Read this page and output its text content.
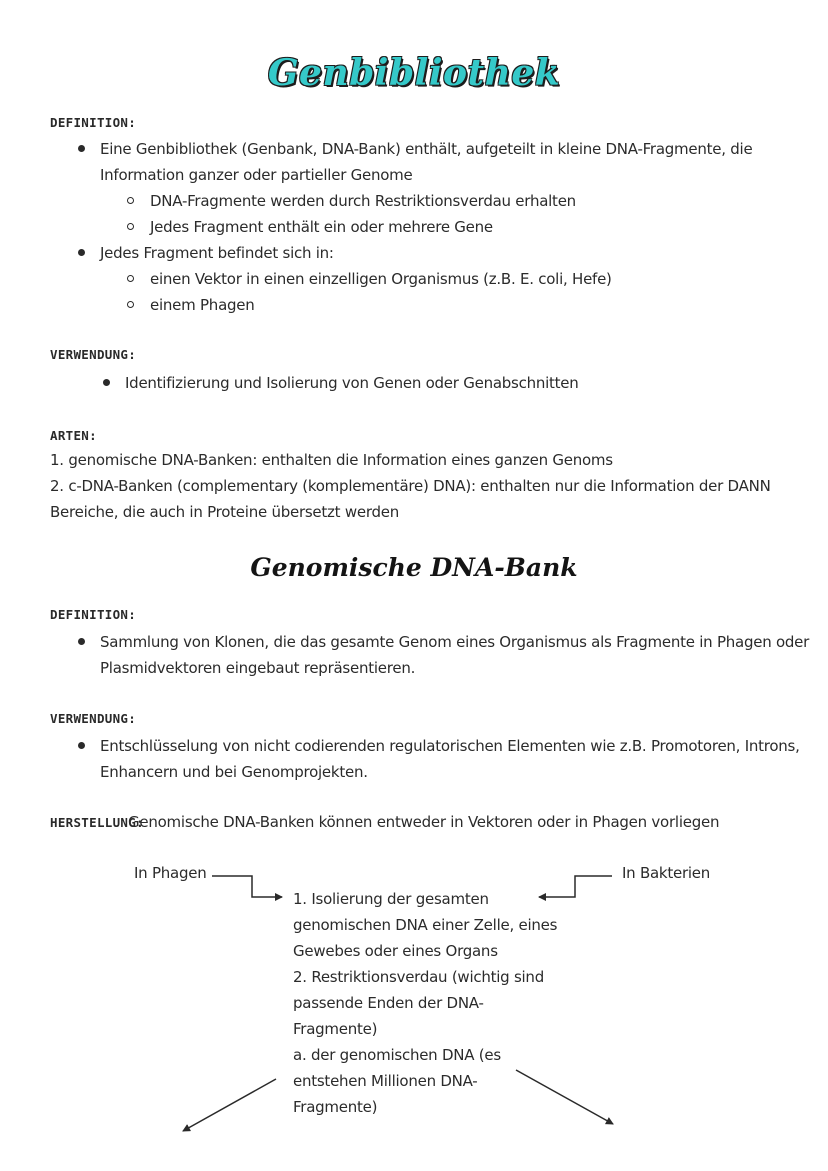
Genbibliothek
DEFINITION:
Eine Genbibliothek (Genbank, DNA-Bank) enthält, aufgeteilt in kleine DNA-Fragmente, die
Information ganzer oder partieller Genome
DNA-Fragmente werden durch Restriktionsverdau erhalten
Jedes Fragment enthält ein oder mehrere Gene
Jedes Fragment befindet sich in:
einen Vektor in einen einzelligen Organismus (z.B. E. coli, Hefe)
einem Phagen
VERWENDUNG:
Identifizierung und Isolierung von Genen oder Genabschnitten
ARTEN:
1. genomische DNA-Banken: enthalten die Information eines ganzen Genoms
2. c-DNA-Banken (complementary (komplementäre) DNA): enthalten nur die Information der DANN
Bereiche, die auch in Proteine übersetzt werden
Genomische DNA-Bank
DEFINITION:
Sammlung von Klonen, die das gesamte Genom eines Organismus als Fragmente in Phagen oder
Plasmidvektoren eingebaut repräsentieren.
VERWENDUNG:
Entschlüsselung von nicht codierenden regulatorischen Elementen wie z.B. Promotoren, Introns,
Enhancern und bei Genomprojekten.
HERSTELLUNG:
Genomische DNA-Banken können entweder in Vektoren oder in Phagen vorliegen
In Phagen	In Bakterien
1. Isolierung der gesamten
genomischen DNA einer Zelle, eines
Gewebes oder eines Organs
2. Restriktionsverdau (wichtig sind
passende Enden der DNA-
Fragmente)
a. der genomischen DNA (es
entstehen Millionen DNA-
Fragmente)
